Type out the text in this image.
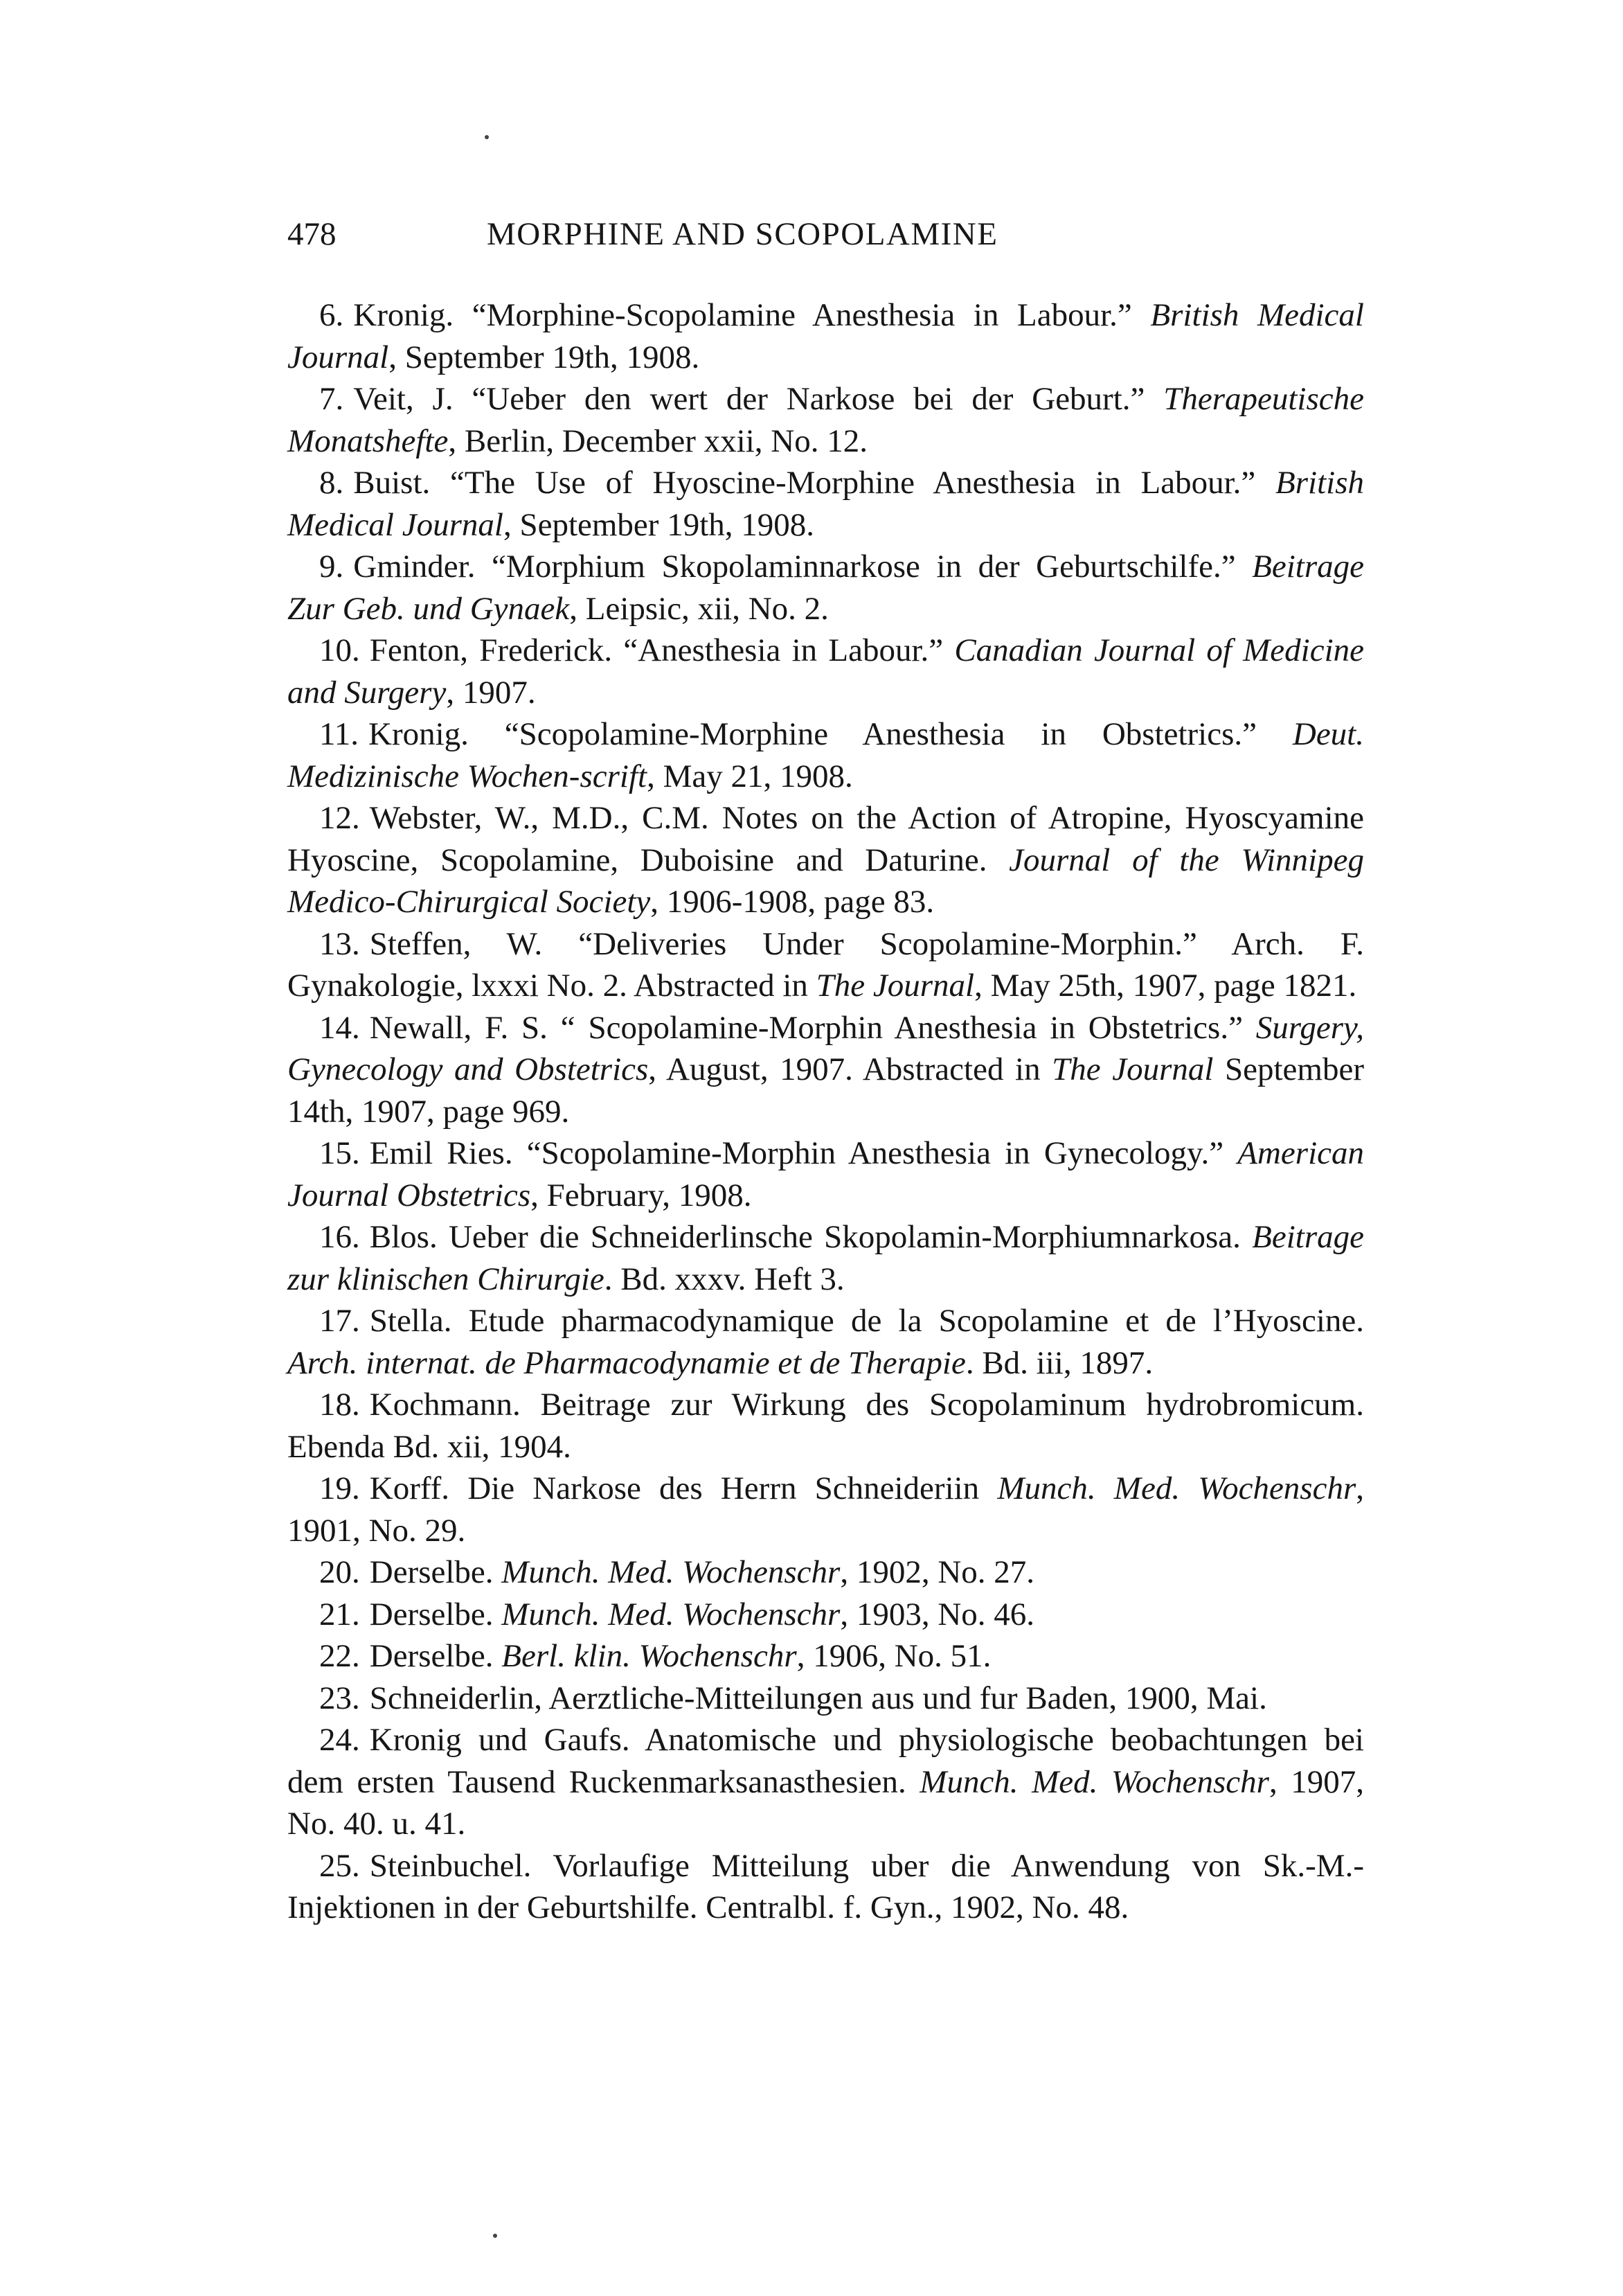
478	MORPHINE AND SCOPOLAMINE
6. Kronig. “Morphine-Scopolamine Anesthesia in Labour.” British Medical Journal, September 19th, 1908.
7. Veit, J. “Ueber den wert der Narkose bei der Geburt.” Therapeutische Monatshefte, Berlin, December xxii, No. 12.
8. Buist. “The Use of Hyoscine-Morphine Anesthesia in Labour.” British Medical Journal, September 19th, 1908.
9. Gminder. “Morphium Skopolaminnarkose in der Geburtschilfe.” Beitrage Zur Geb. und Gynaek, Leipsic, xii, No. 2.
10. Fenton, Frederick. “Anesthesia in Labour.” Canadian Journal of Medicine and Surgery, 1907.
11. Kronig. “Scopolamine-Morphine Anesthesia in Obstetrics.” Deut. Medizinische Wochen-scrift, May 21, 1908.
12. Webster, W., M.D., C.M. Notes on the Action of Atropine, Hyoscyamine Hyoscine, Scopolamine, Duboisine and Daturine. Journal of the Winnipeg Medico-Chirurgical Society, 1906-1908, page 83.
13. Steffen, W. “Deliveries Under Scopolamine-Morphin.” Arch. F. Gynakologie, lxxxi No. 2. Abstracted in The Journal, May 25th, 1907, page 1821.
14. Newall, F. S. “ Scopolamine-Morphin Anesthesia in Obstetrics.” Surgery, Gynecology and Obstetrics, August, 1907. Abstracted in The Journal September 14th, 1907, page 969.
15. Emil Ries. “Scopolamine-Morphin Anesthesia in Gynecology.” American Journal Obstetrics, February, 1908.
16. Blos. Ueber die Schneiderlinsche Skopolamin-Morphiumnarkosa. Beitrage zur klinischen Chirurgie. Bd. xxxv. Heft 3.
17. Stella. Etude pharmacodynamique de la Scopolamine et de l’Hyoscine. Arch. internat. de Pharmacodynamie et de Therapie. Bd. iii, 1897.
18. Kochmann. Beitrage zur Wirkung des Scopolaminum hydrobromicum. Ebenda Bd. xii, 1904.
19. Korff. Die Narkose des Herrn Schneideriin Munch. Med. Wochenschr, 1901, No. 29.
20. Derselbe. Munch. Med. Wochenschr, 1902, No. 27.
21. Derselbe. Munch. Med. Wochenschr, 1903, No. 46.
22. Derselbe. Berl. klin. Wochenschr, 1906, No. 51.
23. Schneiderlin, Aerztliche-Mitteilungen aus und fur Baden, 1900, Mai.
24. Kronig und Gaufs. Anatomische und physiologische beobachtungen bei dem ersten Tausend Ruckenmarksanasthesien. Munch. Med. Wochenschr, 1907, No. 40. u. 41.
25. Steinbuchel. Vorlaufige Mitteilung uber die Anwendung von Sk.-M.-Injektionen in der Geburtshilfe. Centralbl. f. Gyn., 1902, No. 48.
